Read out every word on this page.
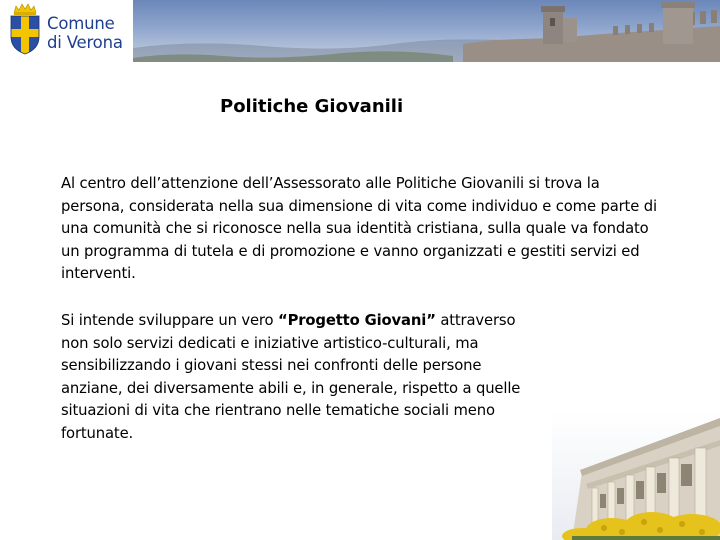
Comune
di Verona
Politiche Giovanili

Al centro dell’attenzione dell’Assessorato alle Politiche Giovanili si trova la persona, considerata nella sua dimensione di vita come individuo e come parte di una comunità che si riconosce nella sua identità cristiana, sulla quale va fondato un programma di tutela e di promozione e vanno organizzati e gestiti servizi ed interventi.

Si intende sviluppare un vero “Progetto Giovani” attraverso non solo servizi dedicati e iniziative artistico-culturali, ma sensibilizzando i giovani stessi nei confronti delle persone anziane, dei diversamente abili e, in generale, rispetto a quelle situazioni di vita che rientrano nelle tematiche sociali meno fortunate.
